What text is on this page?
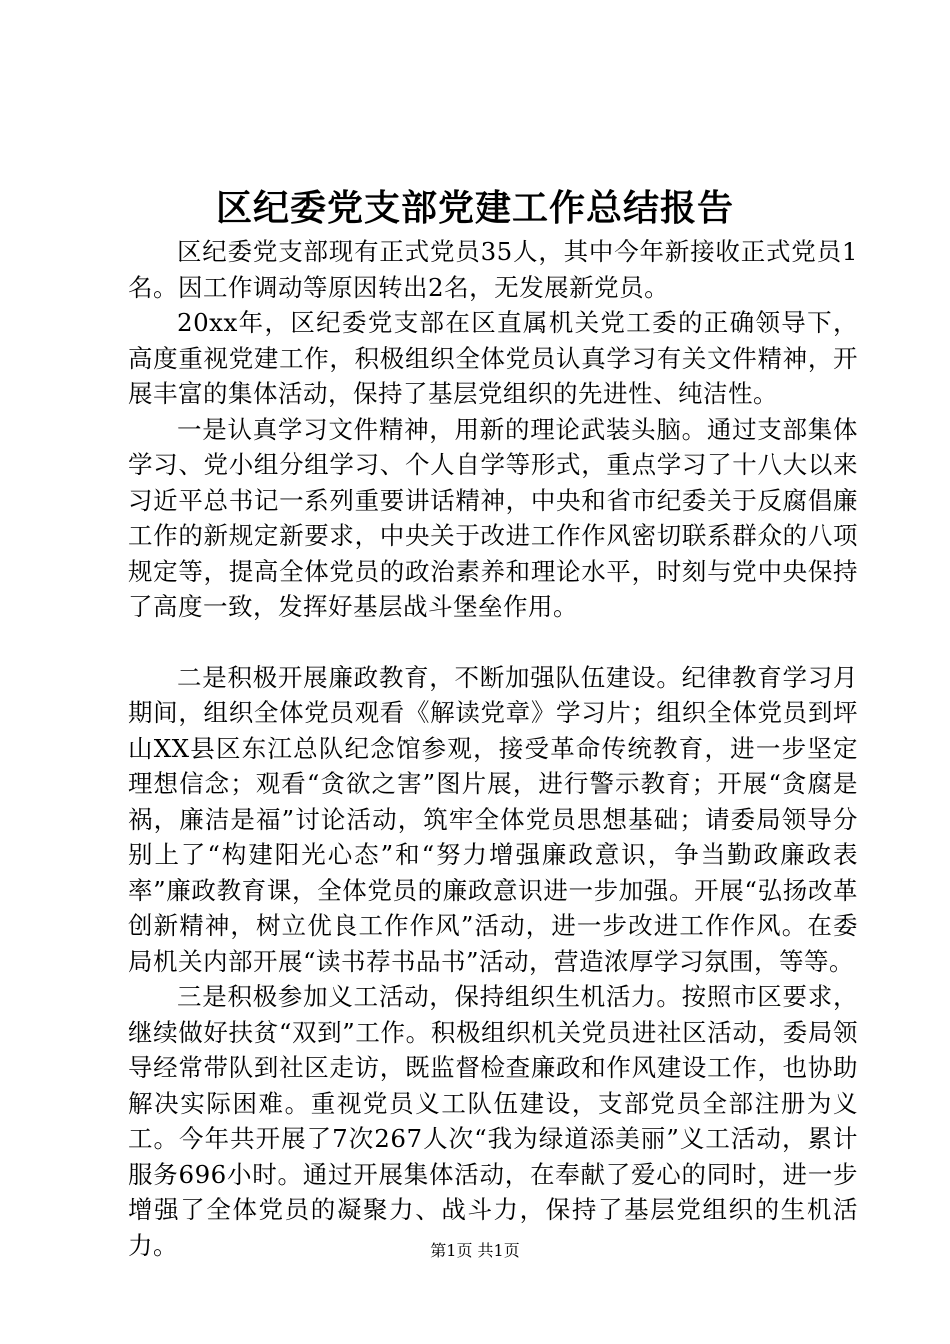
区纪委党支部党建工作总结报告

区纪委党支部现有正式党员35人，其中今年新接收正式党员1名。因工作调动等原因转出2名，无发展新党员。

20xx年，区纪委党支部在区直属机关党工委的正确领导下，高度重视党建工作，积极组织全体党员认真学习有关文件精神，开展丰富的集体活动，保持了基层党组织的先进性、纯洁性。

一是认真学习文件精神，用新的理论武装头脑。通过支部集体学习、党小组分组学习、个人自学等形式，重点学习了十八大以来习近平总书记一系列重要讲话精神，中央和省市纪委关于反腐倡廉工作的新规定新要求，中央关于改进工作作风密切联系群众的八项规定等，提高全体党员的政治素养和理论水平，时刻与党中央保持了高度一致，发挥好基层战斗堡垒作用。

二是积极开展廉政教育，不断加强队伍建设。纪律教育学习月期间，组织全体党员观看《解读党章》学习片；组织全体党员到坪山XX县区东江总队纪念馆参观，接受革命传统教育，进一步坚定理想信念；观看“贪欲之害”图片展，进行警示教育；开展“贪腐是祸，廉洁是福”讨论活动，筑牢全体党员思想基础；请委局领导分别上了“构建阳光心态”和“努力增强廉政意识，争当勤政廉政表率”廉政教育课，全体党员的廉政意识进一步加强。开展“弘扬改革创新精神，树立优良工作作风”活动，进一步改进工作作风。在委局机关内部开展“读书荐书品书”活动，营造浓厚学习氛围，等等。

三是积极参加义工活动，保持组织生机活力。按照市区要求，继续做好扶贫“双到”工作。积极组织机关党员进社区活动，委局领导经常带队到社区走访，既监督检查廉政和作风建设工作，也协助解决实际困难。重视党员义工队伍建设，支部党员全部注册为义工。今年共开展了7次267人次“我为绿道添美丽”义工活动，累计服务696小时。通过开展集体活动，在奉献了爱心的同时，进一步增强了全体党员的凝聚力、战斗力，保持了基层党组织的生机活力。	第1页 共1页
